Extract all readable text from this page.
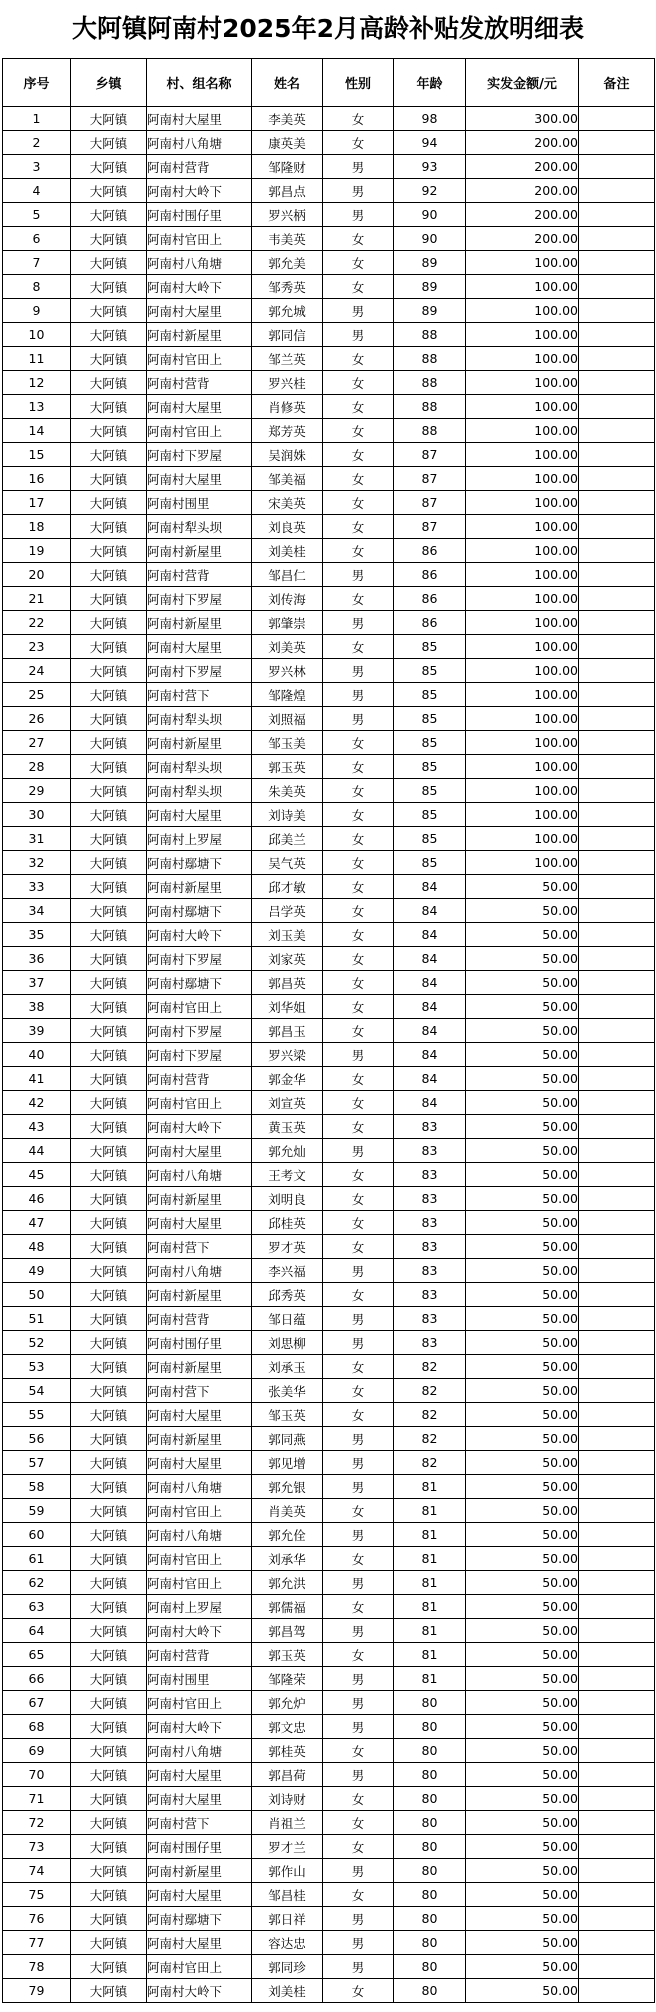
大阿镇阿南村2025年2月高龄补贴发放明细表
序号	乡镇	村、组名称	姓名	性别	年龄	实发金额/元	备注
1	大阿镇	阿南村大屋里	李美英	女	98	300.00	
2	大阿镇	阿南村八角塘	康英美	女	94	200.00	
3	大阿镇	阿南村营背	邹隆财	男	93	200.00	
4	大阿镇	阿南村大岭下	郭昌点	男	92	200.00	
5	大阿镇	阿南村围仔里	罗兴柄	男	90	200.00	
6	大阿镇	阿南村官田上	韦美英	女	90	200.00	
7	大阿镇	阿南村八角塘	郭允美	女	89	100.00	
8	大阿镇	阿南村大岭下	邹秀英	女	89	100.00	
9	大阿镇	阿南村大屋里	郭允城	男	89	100.00	
10	大阿镇	阿南村新屋里	郭同信	男	88	100.00	
11	大阿镇	阿南村官田上	邹兰英	女	88	100.00	
12	大阿镇	阿南村营背	罗兴桂	女	88	100.00	
13	大阿镇	阿南村大屋里	肖修英	女	88	100.00	
14	大阿镇	阿南村官田上	郑芳英	女	88	100.00	
15	大阿镇	阿南村下罗屋	吴润姝	女	87	100.00	
16	大阿镇	阿南村大屋里	邹美福	女	87	100.00	
17	大阿镇	阿南村围里	宋美英	女	87	100.00	
18	大阿镇	阿南村犁头坝	刘良英	女	87	100.00	
19	大阿镇	阿南村新屋里	刘美桂	女	86	100.00	
20	大阿镇	阿南村营背	邹昌仁	男	86	100.00	
21	大阿镇	阿南村下罗屋	刘传海	女	86	100.00	
22	大阿镇	阿南村新屋里	郭肇崇	男	86	100.00	
23	大阿镇	阿南村大屋里	刘美英	女	85	100.00	
24	大阿镇	阿南村下罗屋	罗兴林	男	85	100.00	
25	大阿镇	阿南村营下	邹隆煌	男	85	100.00	
26	大阿镇	阿南村犁头坝	刘照福	男	85	100.00	
27	大阿镇	阿南村新屋里	邹玉美	女	85	100.00	
28	大阿镇	阿南村犁头坝	郭玉英	女	85	100.00	
29	大阿镇	阿南村犁头坝	朱美英	女	85	100.00	
30	大阿镇	阿南村大屋里	刘诗美	女	85	100.00	
31	大阿镇	阿南村上罗屋	邱美兰	女	85	100.00	
32	大阿镇	阿南村鄢塘下	吴气英	女	85	100.00	
33	大阿镇	阿南村新屋里	邱才敏	女	84	50.00	
34	大阿镇	阿南村鄢塘下	吕学英	女	84	50.00	
35	大阿镇	阿南村大岭下	刘玉美	女	84	50.00	
36	大阿镇	阿南村下罗屋	刘家英	女	84	50.00	
37	大阿镇	阿南村鄢塘下	郭昌英	女	84	50.00	
38	大阿镇	阿南村官田上	刘华姐	女	84	50.00	
39	大阿镇	阿南村下罗屋	郭昌玉	女	84	50.00	
40	大阿镇	阿南村下罗屋	罗兴梁	男	84	50.00	
41	大阿镇	阿南村营背	郭金华	女	84	50.00	
42	大阿镇	阿南村官田上	刘宣英	女	84	50.00	
43	大阿镇	阿南村大岭下	黄玉英	女	83	50.00	
44	大阿镇	阿南村大屋里	郭允灿	男	83	50.00	
45	大阿镇	阿南村八角塘	王考文	女	83	50.00	
46	大阿镇	阿南村新屋里	刘明良	女	83	50.00	
47	大阿镇	阿南村大屋里	邱桂英	女	83	50.00	
48	大阿镇	阿南村营下	罗才英	女	83	50.00	
49	大阿镇	阿南村八角塘	李兴福	男	83	50.00	
50	大阿镇	阿南村新屋里	邱秀英	女	83	50.00	
51	大阿镇	阿南村营背	邹日蕴	男	83	50.00	
52	大阿镇	阿南村围仔里	刘思柳	男	83	50.00	
53	大阿镇	阿南村新屋里	刘承玉	女	82	50.00	
54	大阿镇	阿南村营下	张美华	女	82	50.00	
55	大阿镇	阿南村大屋里	邹玉英	女	82	50.00	
56	大阿镇	阿南村新屋里	郭同燕	男	82	50.00	
57	大阿镇	阿南村大屋里	郭见增	男	82	50.00	
58	大阿镇	阿南村八角塘	郭允银	男	81	50.00	
59	大阿镇	阿南村官田上	肖美英	女	81	50.00	
60	大阿镇	阿南村八角塘	郭允佺	男	81	50.00	
61	大阿镇	阿南村官田上	刘承华	女	81	50.00	
62	大阿镇	阿南村官田上	郭允洪	男	81	50.00	
63	大阿镇	阿南村上罗屋	郭儒福	女	81	50.00	
64	大阿镇	阿南村大岭下	郭昌驾	男	81	50.00	
65	大阿镇	阿南村营背	郭玉英	女	81	50.00	
66	大阿镇	阿南村围里	邹隆荣	男	81	50.00	
67	大阿镇	阿南村官田上	郭允炉	男	80	50.00	
68	大阿镇	阿南村大岭下	郭文忠	男	80	50.00	
69	大阿镇	阿南村八角塘	郭桂英	女	80	50.00	
70	大阿镇	阿南村大屋里	郭昌荷	男	80	50.00	
71	大阿镇	阿南村大屋里	刘诗财	女	80	50.00	
72	大阿镇	阿南村营下	肖祖兰	女	80	50.00	
73	大阿镇	阿南村围仔里	罗才兰	女	80	50.00	
74	大阿镇	阿南村新屋里	郭作山	男	80	50.00	
75	大阿镇	阿南村大屋里	邹昌桂	女	80	50.00	
76	大阿镇	阿南村鄢塘下	郭日祥	男	80	50.00	
77	大阿镇	阿南村大屋里	容达忠	男	80	50.00	
78	大阿镇	阿南村官田上	郭同珍	男	80	50.00	
79	大阿镇	阿南村大岭下	刘美桂	女	80	50.00	
